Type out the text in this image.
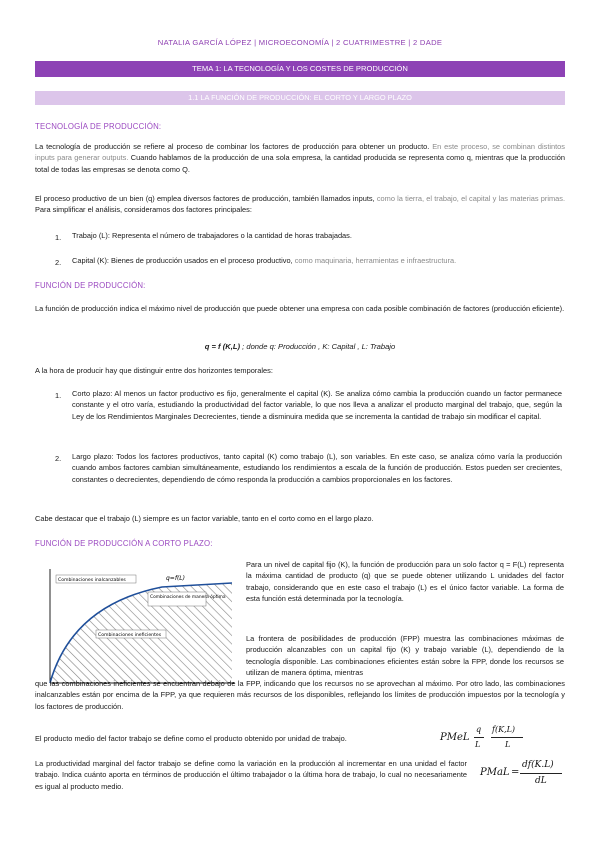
NATALIA GARCÍA LÓPEZ | MICROECONOMÍA | 2 CUATRIMESTRE | 2 DADE
TEMA 1: LA TECNOLOGÍA Y LOS COSTES DE PRODUCCIÓN
1.1 LA FUNCIÓN DE PRODUCCIÓN: EL CORTO Y LARGO PLAZO
TECNOLOGÍA DE PRODUCCIÓN:
La tecnología de producción se refiere al proceso de combinar los factores de producción para obtener un producto. En este proceso, se combinan distintos inputs para generar outputs. Cuando hablamos de la producción de una sola empresa, la cantidad producida se representa como q, mientras que la producción total de todas las empresas se denota como Q.
El proceso productivo de un bien (q) emplea diversos factores de producción, también llamados inputs, como la tierra, el trabajo, el capital y las materias primas. Para simplificar el análisis, consideramos dos factores principales:
1. Trabajo (L): Representa el número de trabajadores o la cantidad de horas trabajadas.
2. Capital (K): Bienes de producción usados en el proceso productivo, como maquinaria, herramientas e infraestructura.
FUNCIÓN DE PRODUCCIÓN:
La función de producción indica el máximo nivel de producción que puede obtener una empresa con cada posible combinación de factores (producción eficiente).
q = f (K,L) ; donde q: Producción , K: Capital , L: Trabajo
A la hora de producir hay que distinguir entre dos horizontes temporales:
1. Corto plazo: Al menos un factor productivo es fijo, generalmente el capital (K). Se analiza cómo cambia la producción cuando un factor permanece constante y el otro varía, estudiando la productividad del factor variable, lo que nos lleva a analizar el producto marginal del trabajo, que, según la Ley de los Rendimientos Marginales Decrecientes, tiende a disminuira medida que se incrementa la cantidad de trabajo sin modificar el capital.
2. Largo plazo: Todos los factores productivos, tanto capital (K) como trabajo (L), son variables. En este caso, se analiza cómo varía la producción cuando ambos factores cambian simultáneamente, estudiando los rendimientos a escala de la función de producción. Estos pueden ser crecientes, constantes o decrecientes, dependiendo de cómo responda la producción a cambios proporcionales en los factores.
Cabe destacar que el trabajo (L) siempre es un factor variable, tanto en el corto como en el largo plazo.
FUNCIÓN DE PRODUCCIÓN A CORTO PLAZO:
q=f(L)
Combinaciones inalcanzables
Combinaciones de manera óptima
Combinaciones ineficientes
Para un nivel de capital fijo (K), la función de producción para un solo factor q = F(L) representa la máxima cantidad de producto (q) que se puede obtener utilizando L unidades del factor trabajo, considerando que en este caso el trabajo (L) es el único factor variable. La forma de esta función está determinada por la tecnología.
La frontera de posibilidades de producción (FPP) muestra las combinaciones máximas de producción alcanzables con un capital fijo (K) y trabajo variable (L), dependiendo de la tecnología disponible. Las combinaciones eficientes están sobre la FPP, donde los recursos se utilizan de manera óptima, mientras
que las combinaciones ineficientes se encuentran debajo de la FPP, indicando que los recursos no se aprovechan al máximo. Por otro lado, las combinaciones inalcanzables están por encima de la FPP, ya que requieren más recursos de los disponibles, reflejando los límites de producción impuestos por la tecnología y los factores de producción.
El producto medio del factor trabajo se define como el producto obtenido por unidad de trabajo.	PMeL
q
L
f(K,L)
L
La productividad marginal del factor trabajo se define como la variación en la producción al incrementar en una unidad el factor trabajo. Indica cuánto aporta en términos de producción el último trabajador o la última hora de trabajo, lo cual no necesariamente es igual al producto medio.
PMaL =
df(K.L)
dL
